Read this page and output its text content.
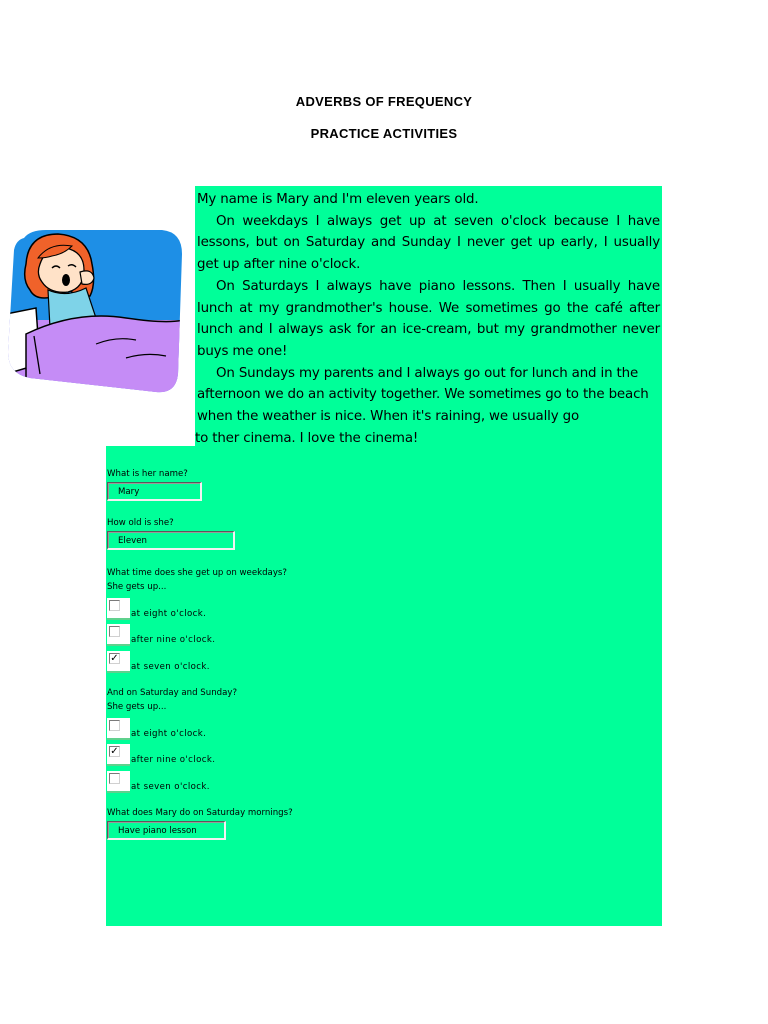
ADVERBS OF FREQUENCY
PRACTICE ACTIVITIES

My name is Mary and I'm eleven years old.

On weekdays I always get up at seven o'clock because I have lessons, but on Saturday and Sunday I never get up early, I usually get up after nine o'clock.

On Saturdays I always have piano lessons. Then I usually have lunch at my grandmother's house. We sometimes go the café after lunch and I always ask for an ice-cream, but my grandmother never buys me one!

On Sundays my parents and I always go out for lunch and in the afternoon we do an activity together. We sometimes go to the beach when the weather is nice. When it's raining, we usually go

to ther cinema. I love the cinema!

What is her name?
Mary
How old is she?
Eleven
What time does she get up on weekdays?
She gets up...
at eight o'clock.
after nine o'clock.
✓
at seven o'clock.
And on Saturday and Sunday?
She gets up...
at eight o'clock.
✓
after nine o'clock.
at seven o'clock.
What does Mary do on Saturday mornings?
Have piano lesson
